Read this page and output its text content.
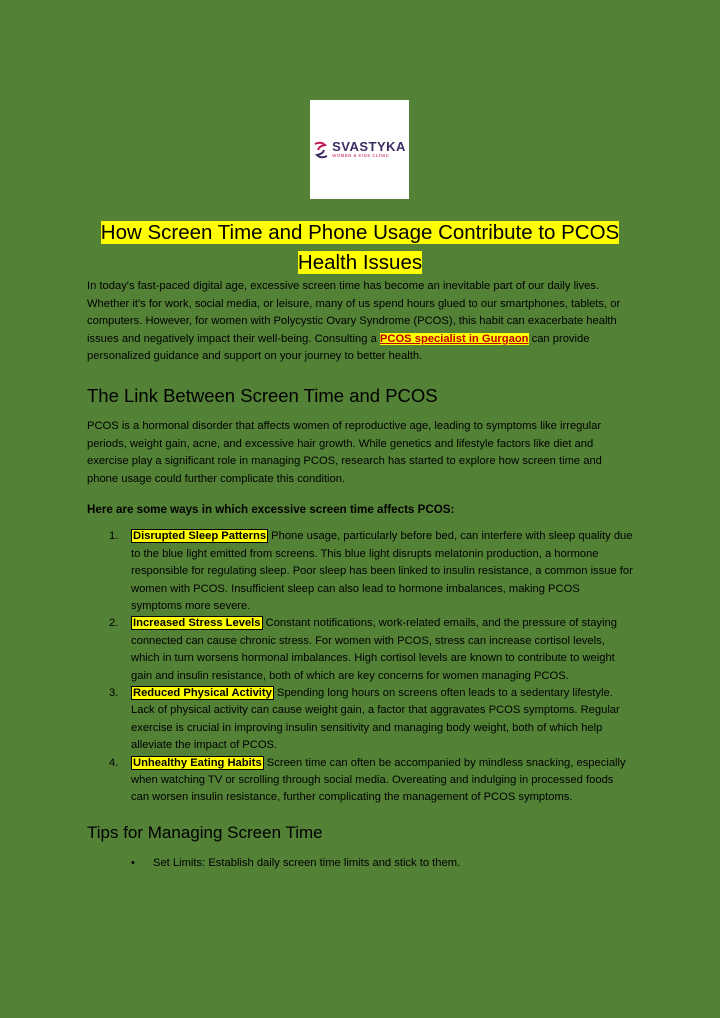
SVASTYKA
WOMEN & KIDS CLINIC
How Screen Time and Phone Usage Contribute to PCOS
Health Issues

In today's fast-paced digital age, excessive screen time has become an inevitable part of our daily lives. Whether it's for work, social media, or leisure, many of us spend hours glued to our smartphones, tablets, or computers. However, for women with Polycystic Ovary Syndrome (PCOS), this habit can exacerbate health issues and negatively impact their well-being. Consulting a PCOS specialist in Gurgaon can provide personalized guidance and support on your journey to better health.

The Link Between Screen Time and PCOS

PCOS is a hormonal disorder that affects women of reproductive age, leading to symptoms like irregular periods, weight gain, acne, and excessive hair growth. While genetics and lifestyle factors like diet and exercise play a significant role in managing PCOS, research has started to explore how screen time and phone usage could further complicate this condition.

Here are some ways in which excessive screen time affects PCOS:

1. Disrupted Sleep Patterns Phone usage, particularly before bed, can interfere with sleep quality due to the blue light emitted from screens. This blue light disrupts melatonin production, a hormone responsible for regulating sleep. Poor sleep has been linked to insulin resistance, a common issue for women with PCOS. Insufficient sleep can also lead to hormone imbalances, making PCOS symptoms more severe.
2. Increased Stress Levels Constant notifications, work-related emails, and the pressure of staying connected can cause chronic stress. For women with PCOS, stress can increase cortisol levels, which in turn worsens hormonal imbalances. High cortisol levels are known to contribute to weight gain and insulin resistance, both of which are key concerns for women managing PCOS.
3. Reduced Physical Activity Spending long hours on screens often leads to a sedentary lifestyle. Lack of physical activity can cause weight gain, a factor that aggravates PCOS symptoms. Regular exercise is crucial in improving insulin sensitivity and managing body weight, both of which help alleviate the impact of PCOS.
4. Unhealthy Eating Habits Screen time can often be accompanied by mindless snacking, especially when watching TV or scrolling through social media. Overeating and indulging in processed foods can worsen insulin resistance, further complicating the management of PCOS symptoms.
Tips for Managing Screen Time
• Set Limits: Establish daily screen time limits and stick to them.
